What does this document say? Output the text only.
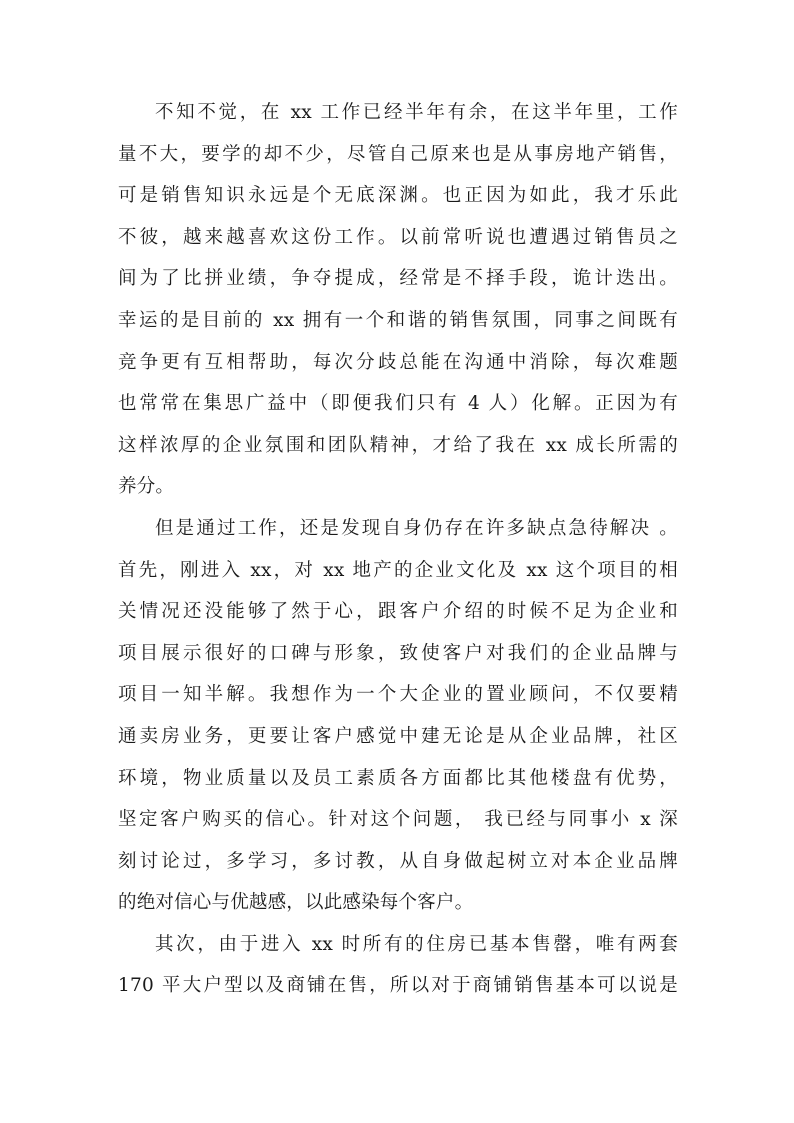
不知不觉，在 xx 工作已经半年有余，在这半年里，工作
量不大，要学的却不少，尽管自己原来也是从事房地产销售，
可是销售知识永远是个无底深渊。也正因为如此，我才乐此
不彼，越来越喜欢这份工作。以前常听说也遭遇过销售员之
间为了比拼业绩，争夺提成，经常是不择手段，诡计迭出。
幸运的是目前的 xx 拥有一个和谐的销售氛围，同事之间既有
竞争更有互相帮助，每次分歧总能在沟通中消除，每次难题
也常常在集思广益中（即便我们只有 4 人）化解。正因为有
这样浓厚的企业氛围和团队精神，才给了我在 xx 成长所需的
养分。
但是通过工作，还是发现自身仍存在许多缺点急待解决 。
首先，刚进入 xx，对 xx 地产的企业文化及 xx 这个项目的相
关情况还没能够了然于心，跟客户介绍的时候不足为企业和
项目展示很好的口碑与形象，致使客户对我们的企业品牌与
项目一知半解。我想作为一个大企业的置业顾问，不仅要精
通卖房业务，更要让客户感觉中建无论是从企业品牌，社区
环境，物业质量以及员工素质各方面都比其他楼盘有优势，
坚定客户购买的信心。针对这个问题， 我已经与同事小 x 深
刻讨论过，多学习，多讨教，从自身做起树立对本企业品牌
的绝对信心与优越感，以此感染每个客户。
其次，由于进入 xx 时所有的住房已基本售罄，唯有两套
170 平大户型以及商铺在售，所以对于商铺销售基本可以说是
